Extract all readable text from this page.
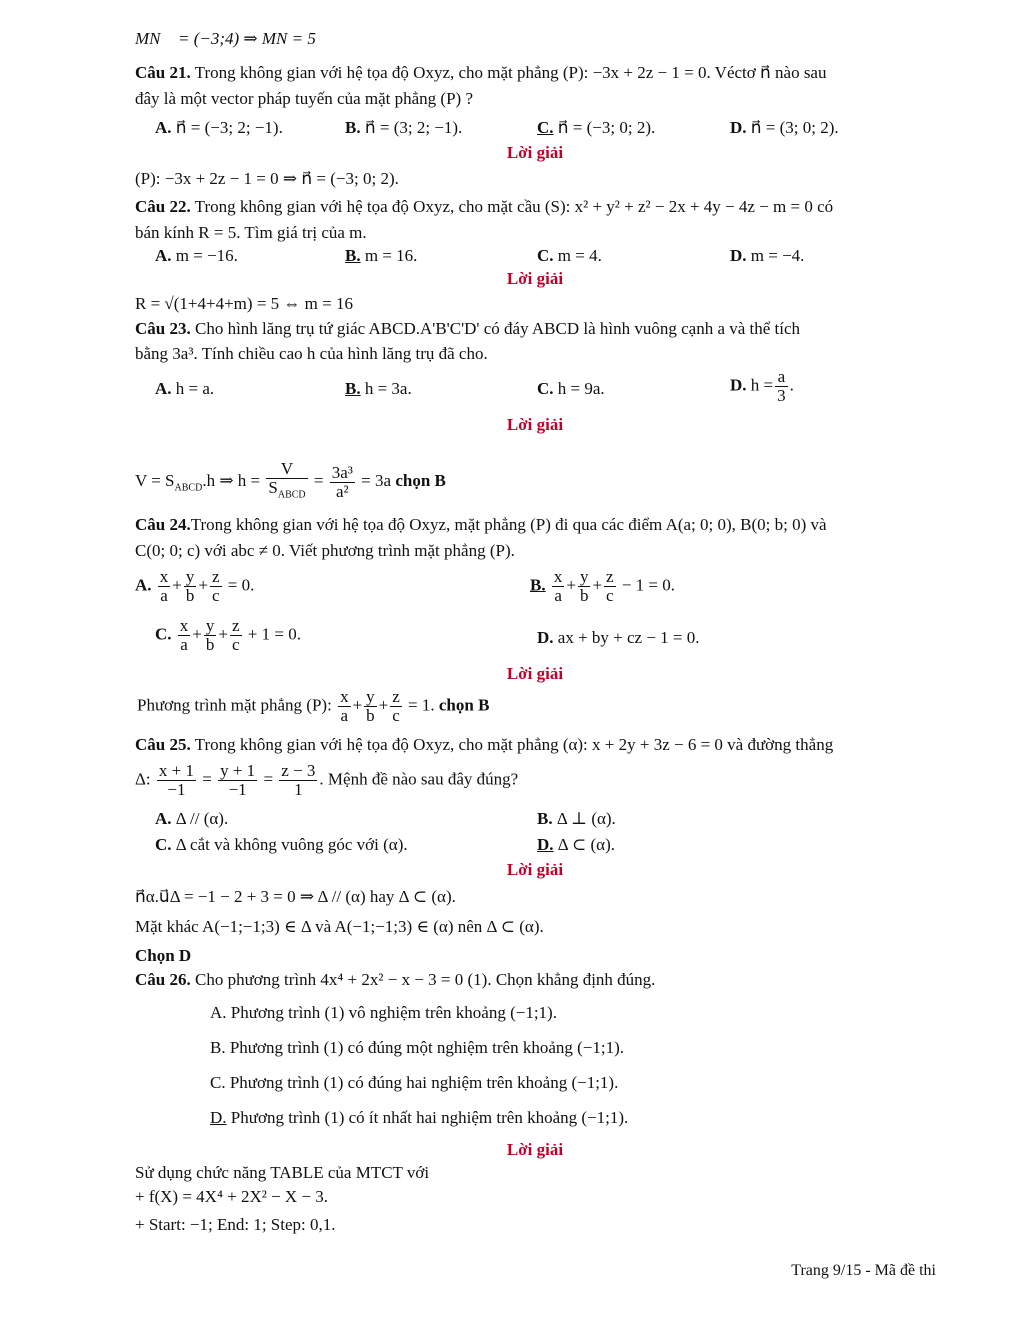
MN⃗ = (−3;4) ⇒ MN = 5
Câu 21. Trong không gian với hệ tọa độ Oxyz, cho mặt phẳng (P): −3x + 2z − 1 = 0. Véctơ n⃗ nào sau
đây là một vector pháp tuyến của mặt phẳng (P) ?
A. n⃗ = (−3; 2; −1).	B. n⃗ = (3; 2; −1).	C. n⃗ = (−3; 0; 2).	D. n⃗ = (3; 0; 2).
Lời giải
(P): −3x + 2z − 1 = 0 ⇒ n⃗ = (−3; 0; 2).
Câu 22. Trong không gian với hệ tọa độ Oxyz, cho mặt cầu (S): x² + y² + z² − 2x + 4y − 4z − m = 0 có
bán kính R = 5. Tìm giá trị của m.
A. m = −16.	B. m = 16.	C. m = 4.	D. m = −4.
Lời giải
R = √(1+4+4+m) = 5 ⇔ m = 16
Câu 23. Cho hình lăng trụ tứ giác ABCD.A'B'C'D' có đáy ABCD là hình vuông cạnh a và thể tích
bằng 3a³. Tính chiều cao h của hình lăng trụ đã cho.
A. h = a.	B. h = 3a.	C. h = 9a.	D. $h = \frac{a}{3}$ .
Lời giải
$V = S_{ABCD}.h$ ⇒ $h = \frac{V}{S_{ABCD}} = \frac{\text{3a³}}{\text{a²}} = 3a$ chọn B
Câu 24.Trong không gian với hệ tọa độ Oxyz, mặt phẳng (P) đi qua các điểm A(a; 0; 0), B(0; b; 0) và
C(0; 0; c) với abc ≠ 0. Viết phương trình mặt phẳng (P).
A. $\frac{x}{a} + \frac{y}{b} + \frac{z}{c} = 0$.	B. $\frac{x}{a} + \frac{y}{b} + \frac{z}{c} - 1 = 0$.
C. $\frac{x}{a} + \frac{y}{b} + \frac{z}{c} + 1 = 0$.	D. ax + by + cz − 1 = 0.
Lời giải
Phương trình mặt phẳng (P): $\frac{x}{a} + \frac{y}{b} + \frac{z}{c} = 1$. chọn B
Câu 25. Trong không gian với hệ tọa độ Oxyz, cho mặt phẳng (α): x + 2y + 3z − 6 = 0 và đường thẳng
Δ: $\frac{x + 1}{-1} = \frac{y + 1}{-1} = \frac{z - 3}{1}$ . Mệnh đề nào sau đây đúng?
A. Δ // (α).	B. Δ ⊥ (α).
C. Δ cắt và không vuông góc với (α).	D. Δ ⊂ (α).
Lời giải
n⃗α.u⃗Δ = −1 − 2 + 3 = 0 ⇒ Δ // (α) hay Δ ⊂ (α).
Mặt khác A(−1;−1;3) ∈ Δ và A(−1;−1;3) ∈ (α) nên Δ ⊂ (α).
Chọn D
Câu 26. Cho phương trình 4x⁴ + 2x² − x − 3 = 0 (1). Chọn khẳng định đúng.
A. Phương trình (1) vô nghiệm trên khoảng (−1;1).
B. Phương trình (1) có đúng một nghiệm trên khoảng (−1;1).
C. Phương trình (1) có đúng hai nghiệm trên khoảng (−1;1).
D. Phương trình (1) có ít nhất hai nghiệm trên khoảng (−1;1).
Lời giải
Sử dụng chức năng TABLE của MTCT với
+ f(X) = 4X⁴ + 2X² − X − 3.
+ Start: −1; End: 1; Step: 0,1.
Trang 9/15 - Mã đề thi
